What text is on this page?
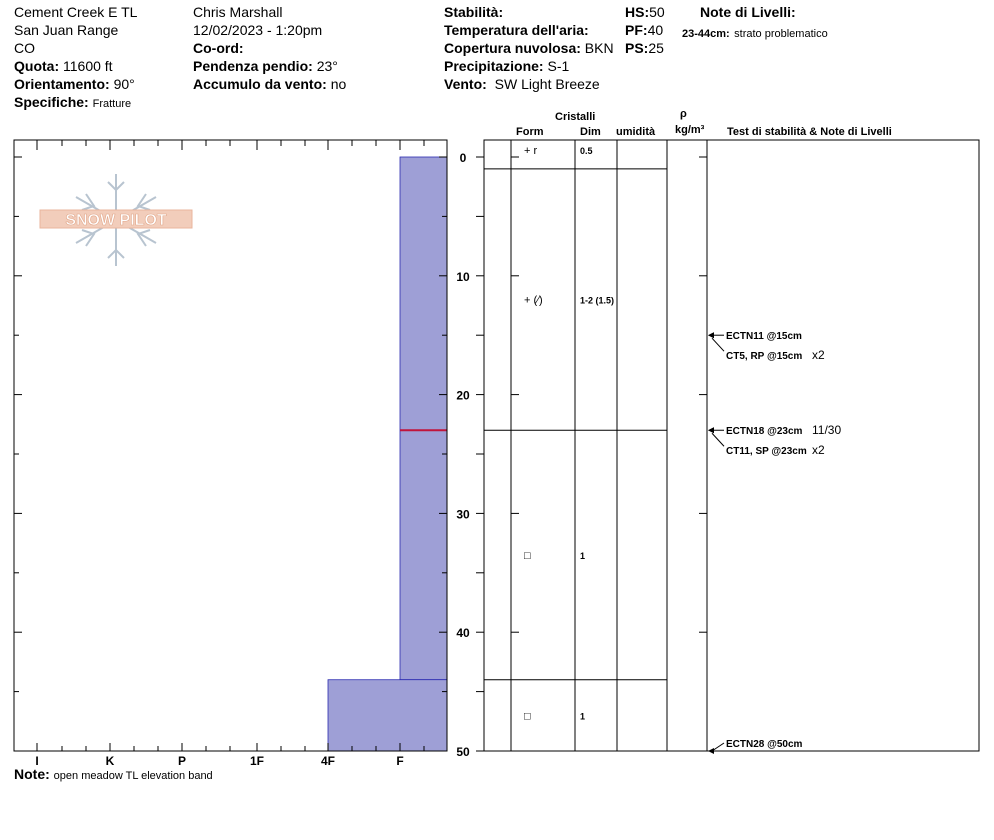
Cement Creek E TL
San Juan Range
CO
Quota: 11600 ft
Orientamento: 90°
Specifiche: Fratture
Chris Marshall
12/02/2023 - 1:20pm
Co-ord:
Pendenza pendio: 23°
Accumulo da vento: no
Stabilità:
Temperatura dell'aria:
Copertura nuvolosa: BKN
Precipitazione: S-1
Vento: SW Light Breeze
HS:50
PF:40
PS:25
Note di Livelli:
23-44cm: strato problematico
Cristalli
Form	Dim umidità
ρ
kg/m³ Test di stabilità & Note di Livelli
SNOW PILOT
I	K	P	1F	4F	F
0
10
20
30
40
50
+ r	0.5
+ (⁄)	1-2 (1.5)
□	1
□	1
ECTN11 @15cm
CT5, RP @15cm x2
ECTN18 @23cm 11/30
CT11, SP @23cm x2
ECTN28 @50cm
Note: open meadow TL elevation band
